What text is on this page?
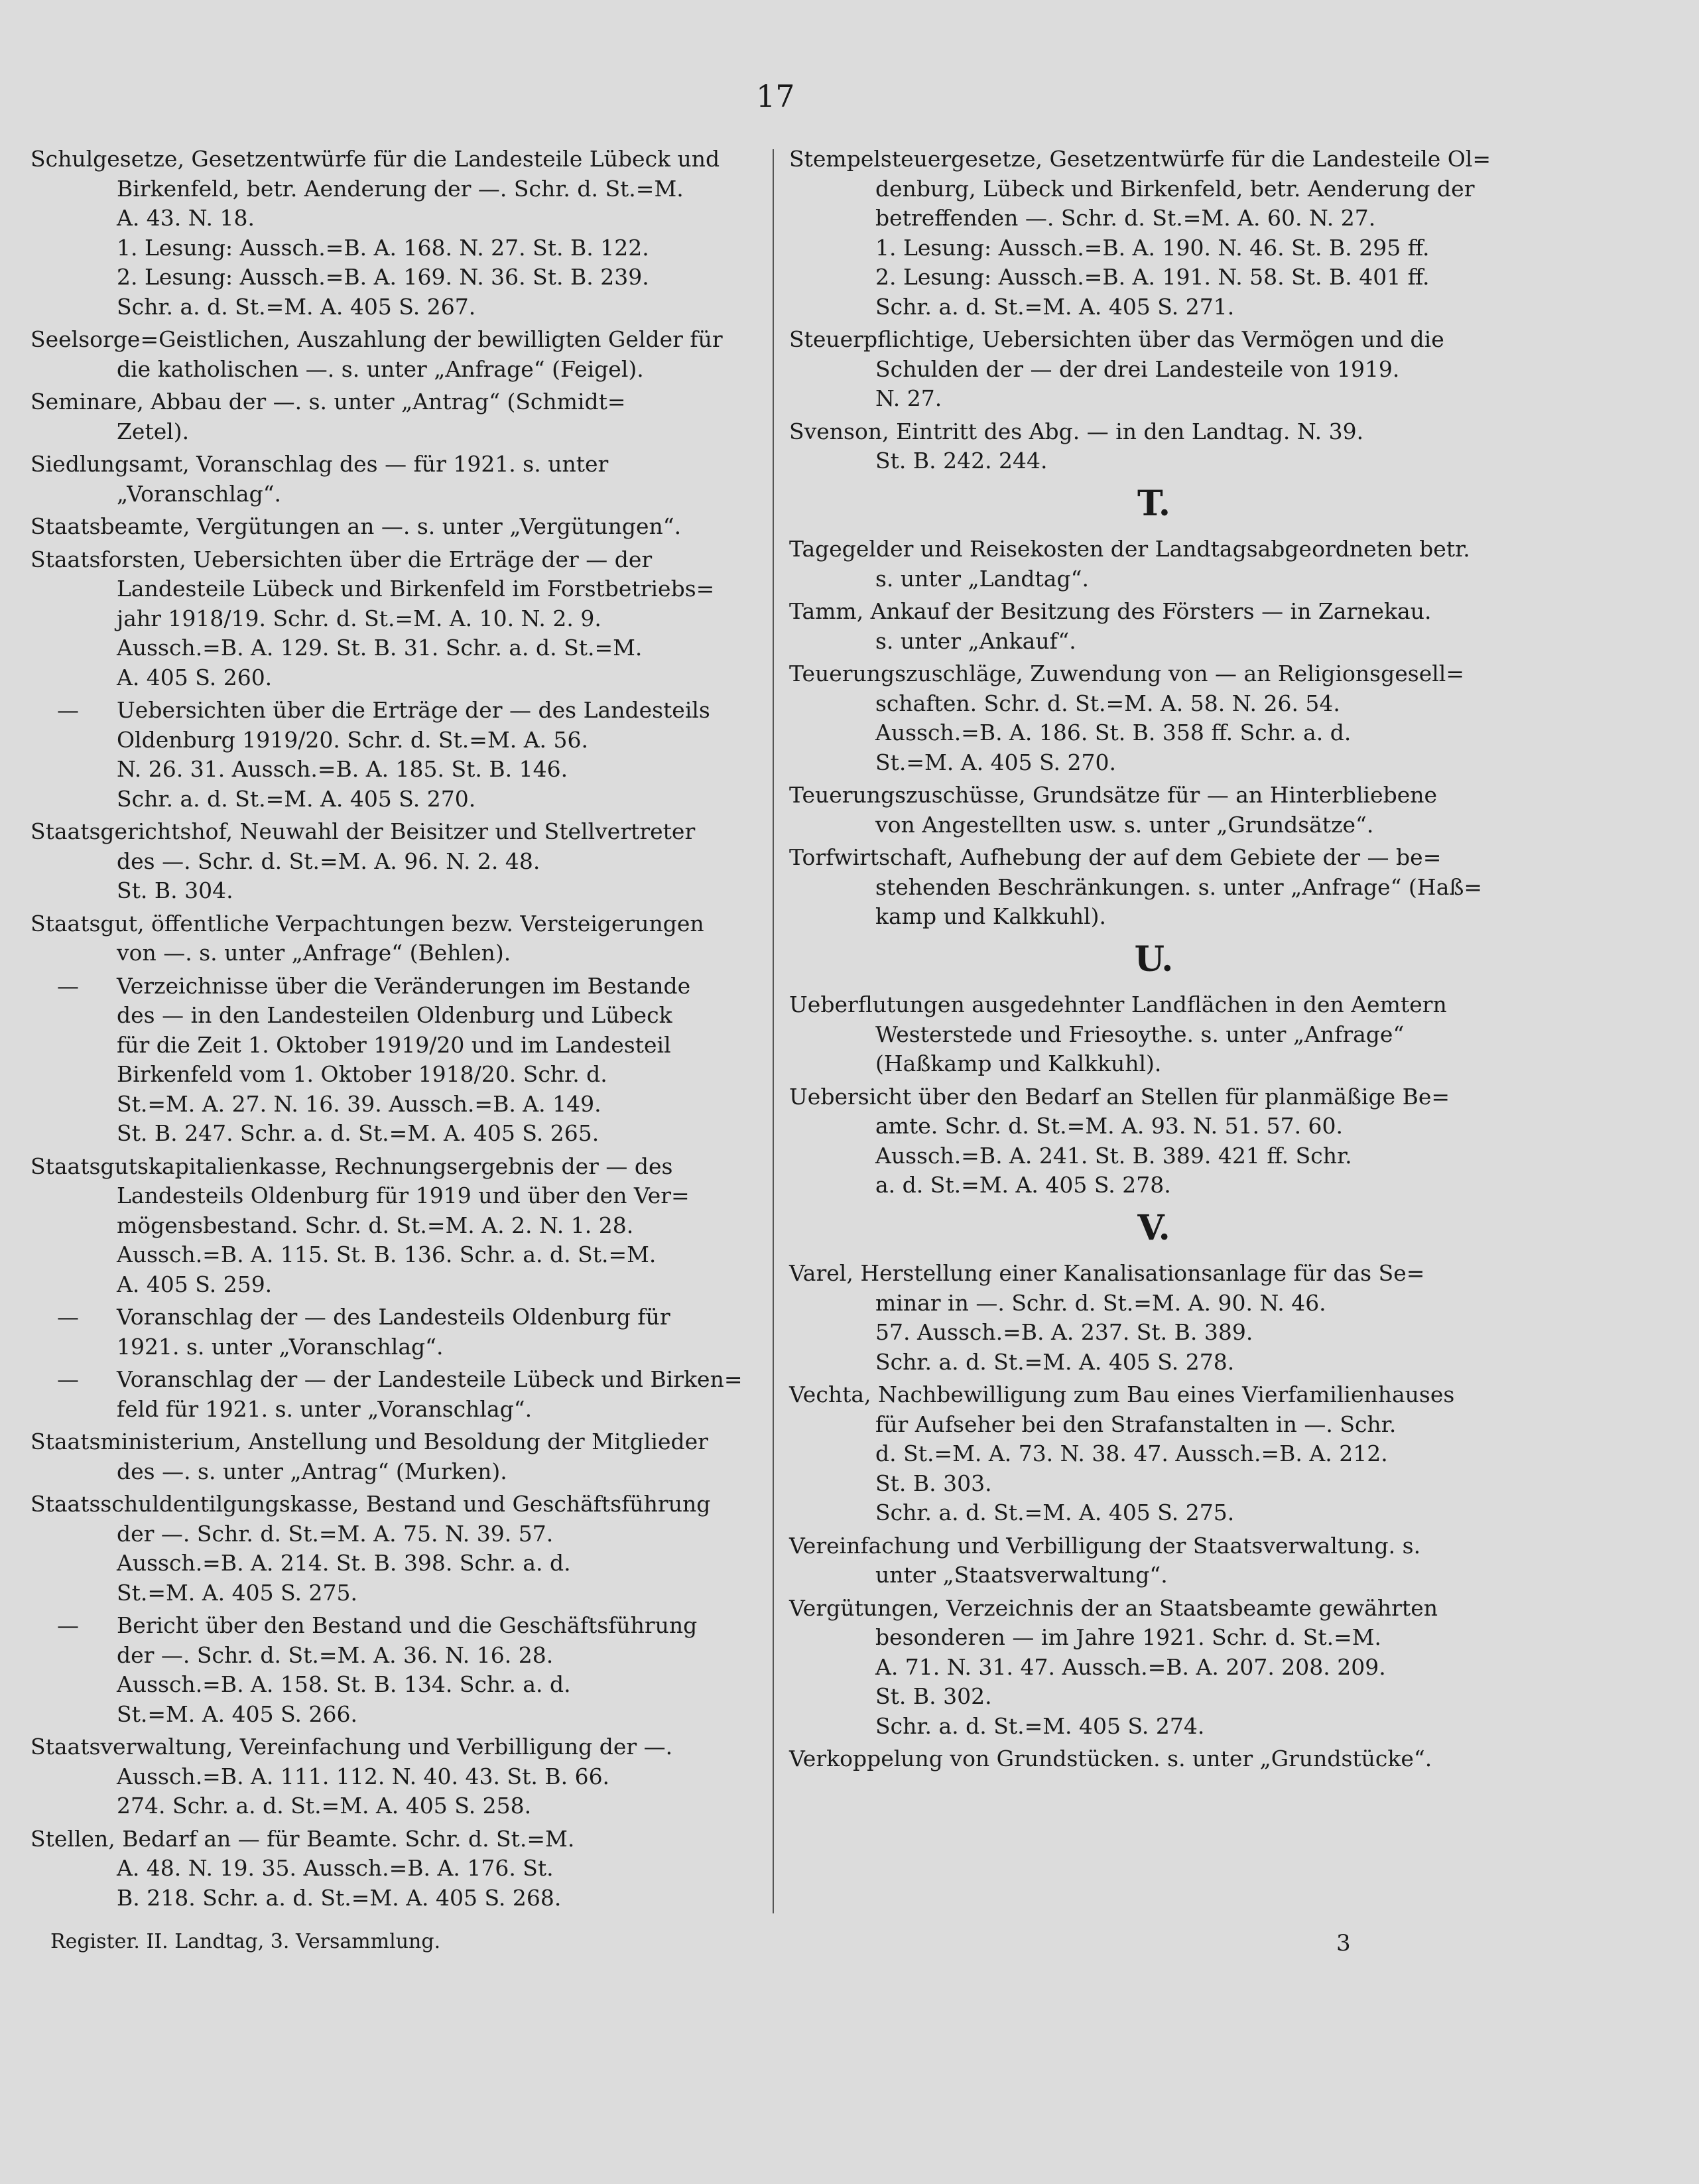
17
Schulgesetze, Gesetzentwürfe für die Landesteile Lübeck und
Birkenfeld, betr. Aenderung der —. Schr. d. St.=M.
A. 43. N. 18.
1. Lesung: Aussch.=B. A. 168. N. 27. St. B. 122.
2. Lesung: Aussch.=B. A. 169. N. 36. St. B. 239.
Schr. a. d. St.=M. A. 405 S. 267.
Seelsorge=Geistlichen, Auszahlung der bewilligten Gelder für
die katholischen —. s. unter „Anfrage“ (Feigel).
Seminare, Abbau der —. s. unter „Antrag“ (Schmidt=
Zetel).
Siedlungsamt, Voranschlag des — für 1921. s. unter
„Voranschlag“.
Staatsbeamte, Vergütungen an —. s. unter „Vergütungen“.
Staatsforsten, Uebersichten über die Erträge der — der
Landesteile Lübeck und Birkenfeld im Forstbetriebs=
jahr 1918/19. Schr. d. St.=M. A. 10. N. 2. 9.
Aussch.=B. A. 129. St. B. 31. Schr. a. d. St.=M.
A. 405 S. 260.
— Uebersichten über die Erträge der — des Landesteils
Oldenburg 1919/20. Schr. d. St.=M. A. 56.
N. 26. 31. Aussch.=B. A. 185. St. B. 146.
Schr. a. d. St.=M. A. 405 S. 270.
Staatsgerichtshof, Neuwahl der Beisitzer und Stellvertreter
des —. Schr. d. St.=M. A. 96. N. 2. 48.
St. B. 304.
Staatsgut, öffentliche Verpachtungen bezw. Versteigerungen
von —. s. unter „Anfrage“ (Behlen).
— Verzeichnisse über die Veränderungen im Bestande
des — in den Landesteilen Oldenburg und Lübeck
für die Zeit 1. Oktober 1919/20 und im Landesteil
Birkenfeld vom 1. Oktober 1918/20. Schr. d.
St.=M. A. 27. N. 16. 39. Aussch.=B. A. 149.
St. B. 247. Schr. a. d. St.=M. A. 405 S. 265.
Staatsgutskapitalienkasse, Rechnungsergebnis der — des
Landesteils Oldenburg für 1919 und über den Ver=
mögensbestand. Schr. d. St.=M. A. 2. N. 1. 28.
Aussch.=B. A. 115. St. B. 136. Schr. a. d. St.=M.
A. 405 S. 259.
— Voranschlag der — des Landesteils Oldenburg für
1921. s. unter „Voranschlag“.
— Voranschlag der — der Landesteile Lübeck und Birken=
feld für 1921. s. unter „Voranschlag“.
Staatsministerium, Anstellung und Besoldung der Mitglieder
des —. s. unter „Antrag“ (Murken).
Staatsschuldentilgungskasse, Bestand und Geschäftsführung
der —. Schr. d. St.=M. A. 75. N. 39. 57.
Aussch.=B. A. 214. St. B. 398. Schr. a. d.
St.=M. A. 405 S. 275.
— Bericht über den Bestand und die Geschäftsführung
der —. Schr. d. St.=M. A. 36. N. 16. 28.
Aussch.=B. A. 158. St. B. 134. Schr. a. d.
St.=M. A. 405 S. 266.
Staatsverwaltung, Vereinfachung und Verbilligung der —.
Aussch.=B. A. 111. 112. N. 40. 43. St. B. 66.
274. Schr. a. d. St.=M. A. 405 S. 258.
Stellen, Bedarf an — für Beamte. Schr. d. St.=M.
A. 48. N. 19. 35. Aussch.=B. A. 176. St.
B. 218. Schr. a. d. St.=M. A. 405 S. 268.
Stempelsteuergesetze, Gesetzentwürfe für die Landesteile Ol=
denburg, Lübeck und Birkenfeld, betr. Aenderung der
betreffenden —. Schr. d. St.=M. A. 60. N. 27.
1. Lesung: Aussch.=B. A. 190. N. 46. St. B. 295 ff.
2. Lesung: Aussch.=B. A. 191. N. 58. St. B. 401 ff.
Schr. a. d. St.=M. A. 405 S. 271.
Steuerpflichtige, Uebersichten über das Vermögen und die
Schulden der — der drei Landesteile von 1919.
N. 27.
Svenson, Eintritt des Abg. — in den Landtag. N. 39.
St. B. 242. 244.
T.
Tagegelder und Reisekosten der Landtagsabgeordneten betr.
s. unter „Landtag“.
Tamm, Ankauf der Besitzung des Försters — in Zarnekau.
s. unter „Ankauf“.
Teuerungszuschläge, Zuwendung von — an Religionsgesell=
schaften. Schr. d. St.=M. A. 58. N. 26. 54.
Aussch.=B. A. 186. St. B. 358 ff. Schr. a. d.
St.=M. A. 405 S. 270.
Teuerungszuschüsse, Grundsätze für — an Hinterbliebene
von Angestellten usw. s. unter „Grundsätze“.
Torfwirtschaft, Aufhebung der auf dem Gebiete der — be=
stehenden Beschränkungen. s. unter „Anfrage“ (Haß=
kamp und Kalkkuhl).
U.
Ueberflutungen ausgedehnter Landflächen in den Aemtern
Westerstede und Friesoythe. s. unter „Anfrage“
(Haßkamp und Kalkkuhl).
Uebersicht über den Bedarf an Stellen für planmäßige Be=
amte. Schr. d. St.=M. A. 93. N. 51. 57. 60.
Aussch.=B. A. 241. St. B. 389. 421 ff. Schr.
a. d. St.=M. A. 405 S. 278.
V.
Varel, Herstellung einer Kanalisationsanlage für das Se=
minar in —. Schr. d. St.=M. A. 90. N. 46.
57. Aussch.=B. A. 237. St. B. 389.
Schr. a. d. St.=M. A. 405 S. 278.
Vechta, Nachbewilligung zum Bau eines Vierfamilienhauses
für Aufseher bei den Strafanstalten in —. Schr.
d. St.=M. A. 73. N. 38. 47. Aussch.=B. A. 212.
St. B. 303.
Schr. a. d. St.=M. A. 405 S. 275.
Vereinfachung und Verbilligung der Staatsverwaltung. s.
unter „Staatsverwaltung“.
Vergütungen, Verzeichnis der an Staatsbeamte gewährten
besonderen — im Jahre 1921. Schr. d. St.=M.
A. 71. N. 31. 47. Aussch.=B. A. 207. 208. 209.
St. B. 302.
Schr. a. d. St.=M. 405 S. 274.
Verkoppelung von Grundstücken. s. unter „Grundstücke“.
Register. II. Landtag, 3. Versammlung.	3
